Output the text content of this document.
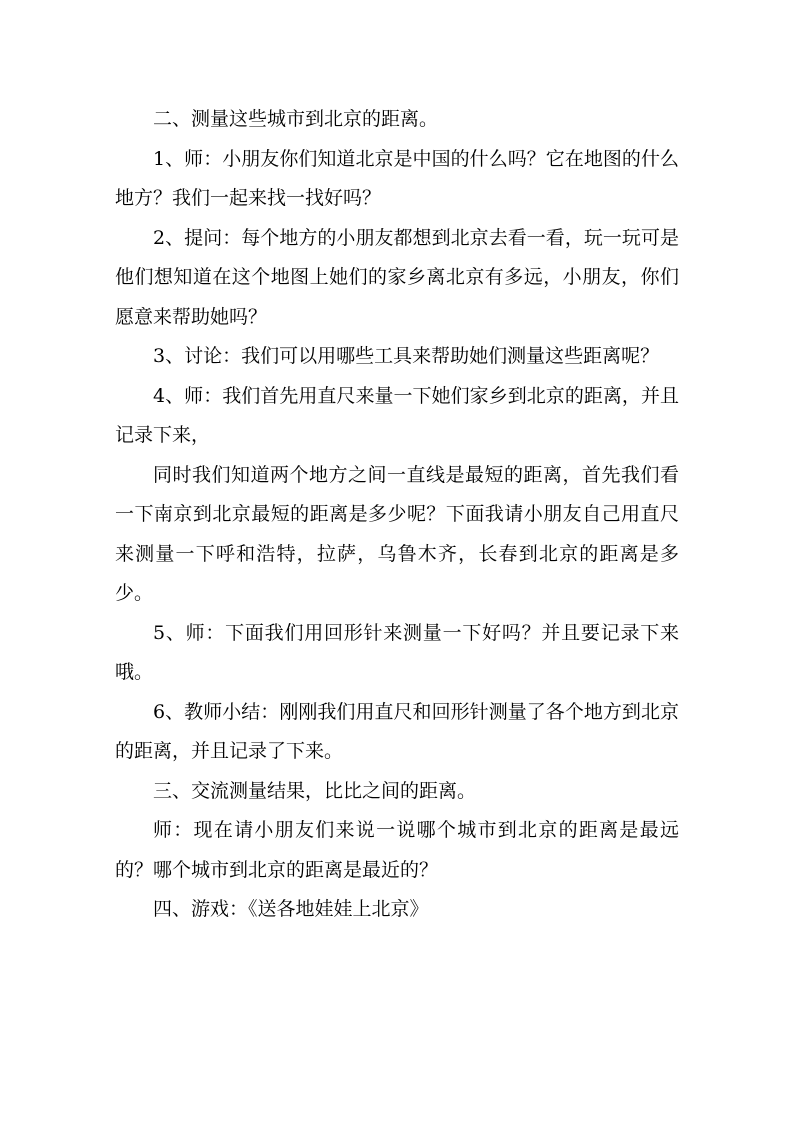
二、测量这些城市到北京的距离。

1、师：小朋友你们知道北京是中国的什么吗？它在地图的什么地方？我们一起来找一找好吗？

2、提问：每个地方的小朋友都想到北京去看一看，玩一玩可是他们想知道在这个地图上她们的家乡离北京有多远，小朋友，你们愿意来帮助她吗？

3、讨论：我们可以用哪些工具来帮助她们测量这些距离呢？

4、师：我们首先用直尺来量一下她们家乡到北京的距离，并且记录下来，

同时我们知道两个地方之间一直线是最短的距离，首先我们看一下南京到北京最短的距离是多少呢？下面我请小朋友自己用直尺来测量一下呼和浩特，拉萨，乌鲁木齐，长春到北京的距离是多少。

5、师：下面我们用回形针来测量一下好吗？并且要记录下来哦。

6、教师小结：刚刚我们用直尺和回形针测量了各个地方到北京的距离，并且记录了下来。

三、交流测量结果，比比之间的距离。

师：现在请小朋友们来说一说哪个城市到北京的距离是最远的？哪个城市到北京的距离是最近的？

四、游戏：《送各地娃娃上北京》
